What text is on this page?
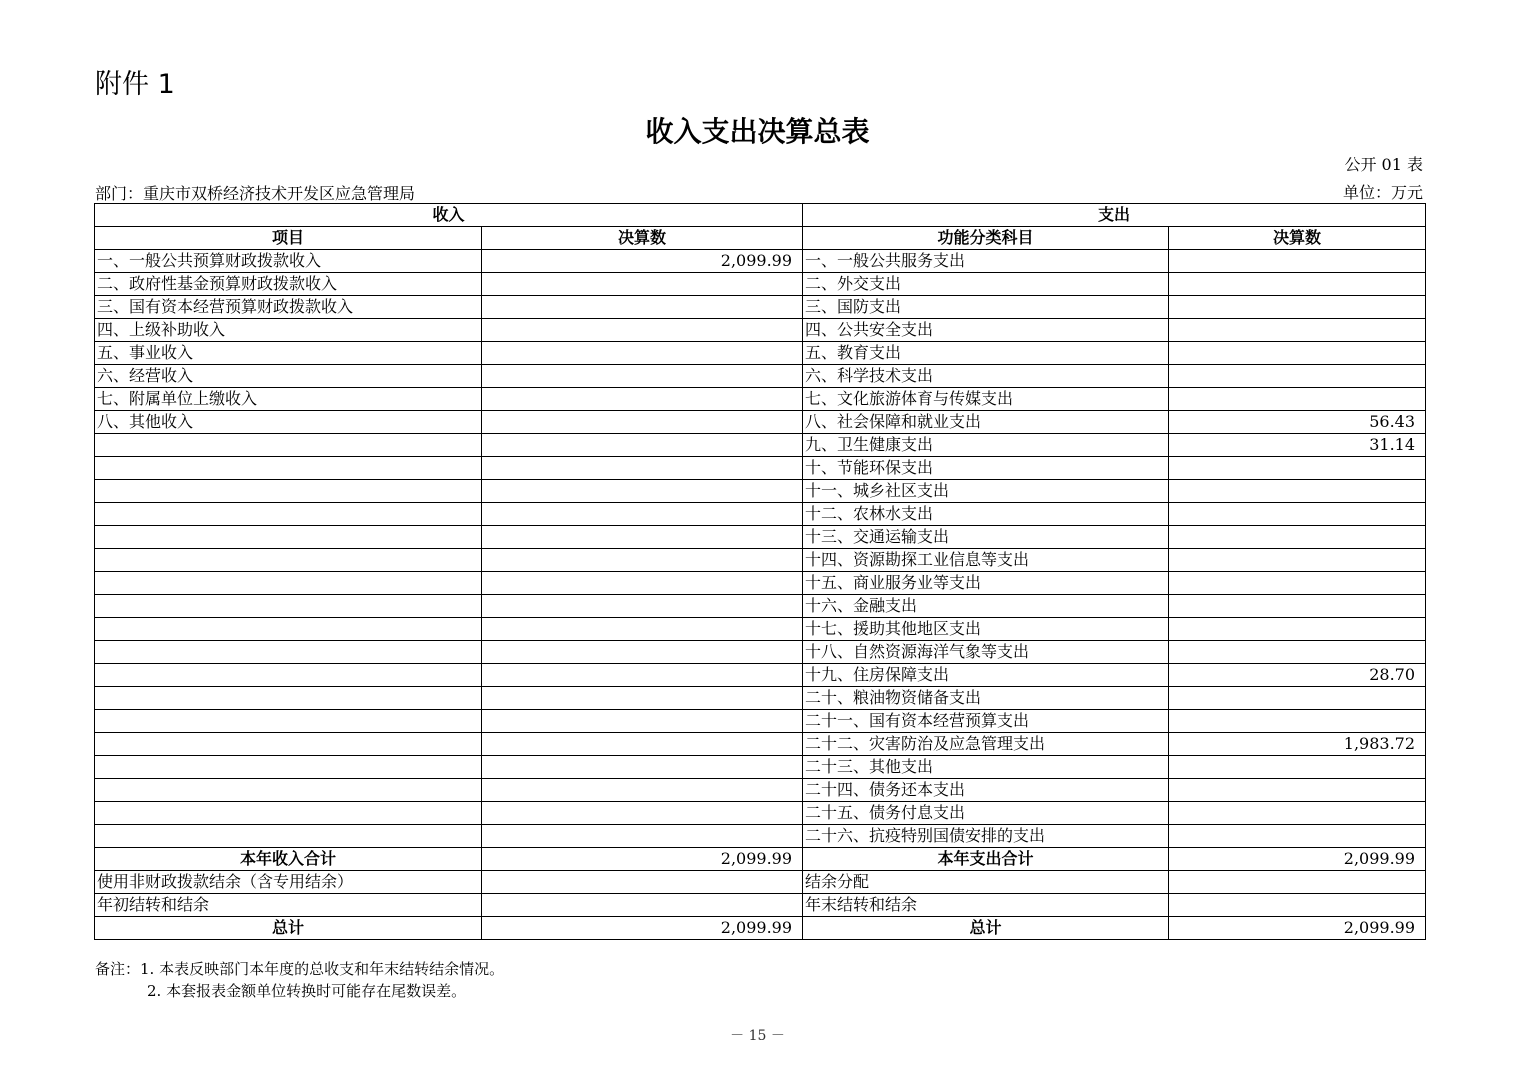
附件 1
收入支出决算总表
公开 01 表
部门：重庆市双桥经济技术开发区应急管理局	单位：万元
收入		支出	
项目	决算数	功能分类科目	决算数
一、一般公共预算财政拨款收入	2,099.99	一、一般公共服务支出	
二、政府性基金预算财政拨款收入		二、外交支出	
三、国有资本经营预算财政拨款收入		三、国防支出	
四、上级补助收入		四、公共安全支出	
五、事业收入		五、教育支出	
六、经营收入		六、科学技术支出	
七、附属单位上缴收入		七、文化旅游体育与传媒支出	
八、其他收入		八、社会保障和就业支出	56.43
		九、卫生健康支出	31.14
		十、节能环保支出	
		十一、城乡社区支出	
		十二、农林水支出	
		十三、交通运输支出	
		十四、资源勘探工业信息等支出	
		十五、商业服务业等支出	
		十六、金融支出	
		十七、援助其他地区支出	
		十八、自然资源海洋气象等支出	
		十九、住房保障支出	28.70
		二十、粮油物资储备支出	
		二十一、国有资本经营预算支出	
		二十二、灾害防治及应急管理支出	1,983.72
		二十三、其他支出	
		二十四、债务还本支出	
		二十五、债务付息支出	
		二十六、抗疫特别国债安排的支出	
本年收入合计	2,099.99	本年支出合计	2,099.99
使用非财政拨款结余（含专用结余）		结余分配	
年初结转和结余		年末结转和结余	
总计	2,099.99	总计	2,099.99
备注：1. 本表反映部门本年度的总收支和年末结转结余情况。
2. 本套报表金额单位转换时可能存在尾数误差。
－ 15 －
